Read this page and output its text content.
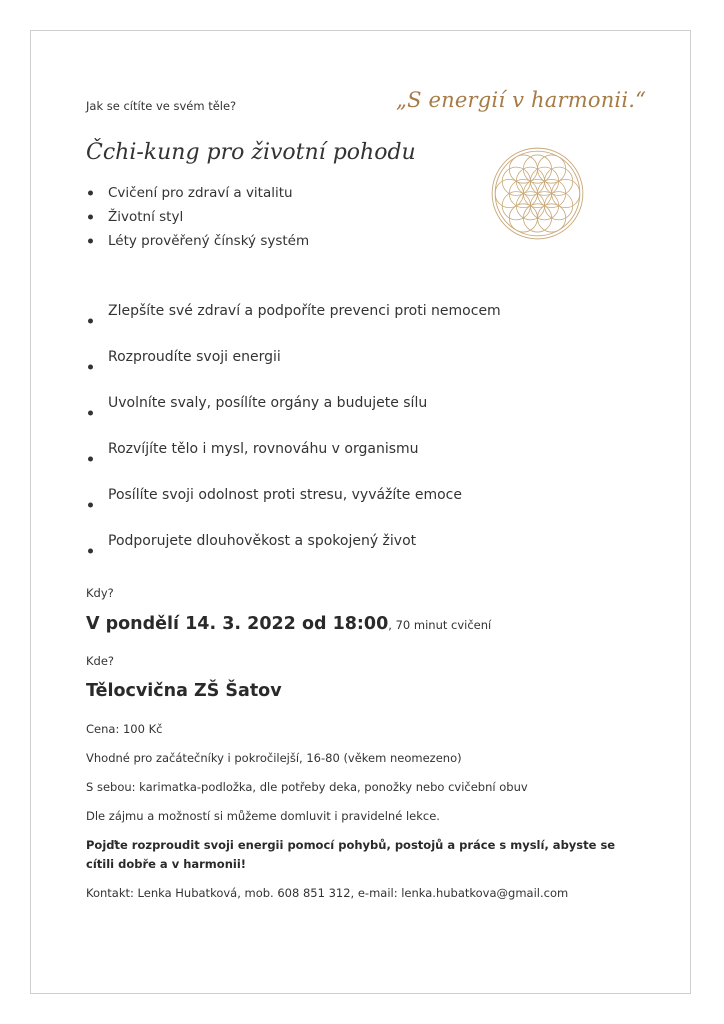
Jak se cítíte ve svém těle?	„S energií v harmonii.“
Čchi-kung pro životní pohodu
Cvičení pro zdraví a vitalitu
Životní styl
Léty prověřený čínský systém
Zlepšíte své zdraví a podpoříte prevenci proti nemocem
Rozproudíte svoji energii
Uvolníte svaly, posílíte orgány a budujete sílu
Rozvíjíte tělo i mysl, rovnováhu v organismu
Posílíte svoji odolnost proti stresu, vyvážíte emoce
Podporujete dlouhověkost a spokojený život
Kdy?
V pondělí 14. 3. 2022 od 18:00, 70 minut cvičení
Kde?
Tělocvična ZŠ Šatov
Cena: 100 Kč
Vhodné pro začátečníky i pokročilejší, 16-80 (věkem neomezeno)
S sebou: karimatka-podložka, dle potřeby deka, ponožky nebo cvičební obuv
Dle zájmu a možností si můžeme domluvit i pravidelné lekce.
Pojďte rozproudit svoji energii pomocí pohybů, postojů a práce s myslí, abyste se cítili dobře a v harmonii!
Kontakt: Lenka Hubatková, mob. 608 851 312, e-mail: lenka.hubatkova@gmail.com
